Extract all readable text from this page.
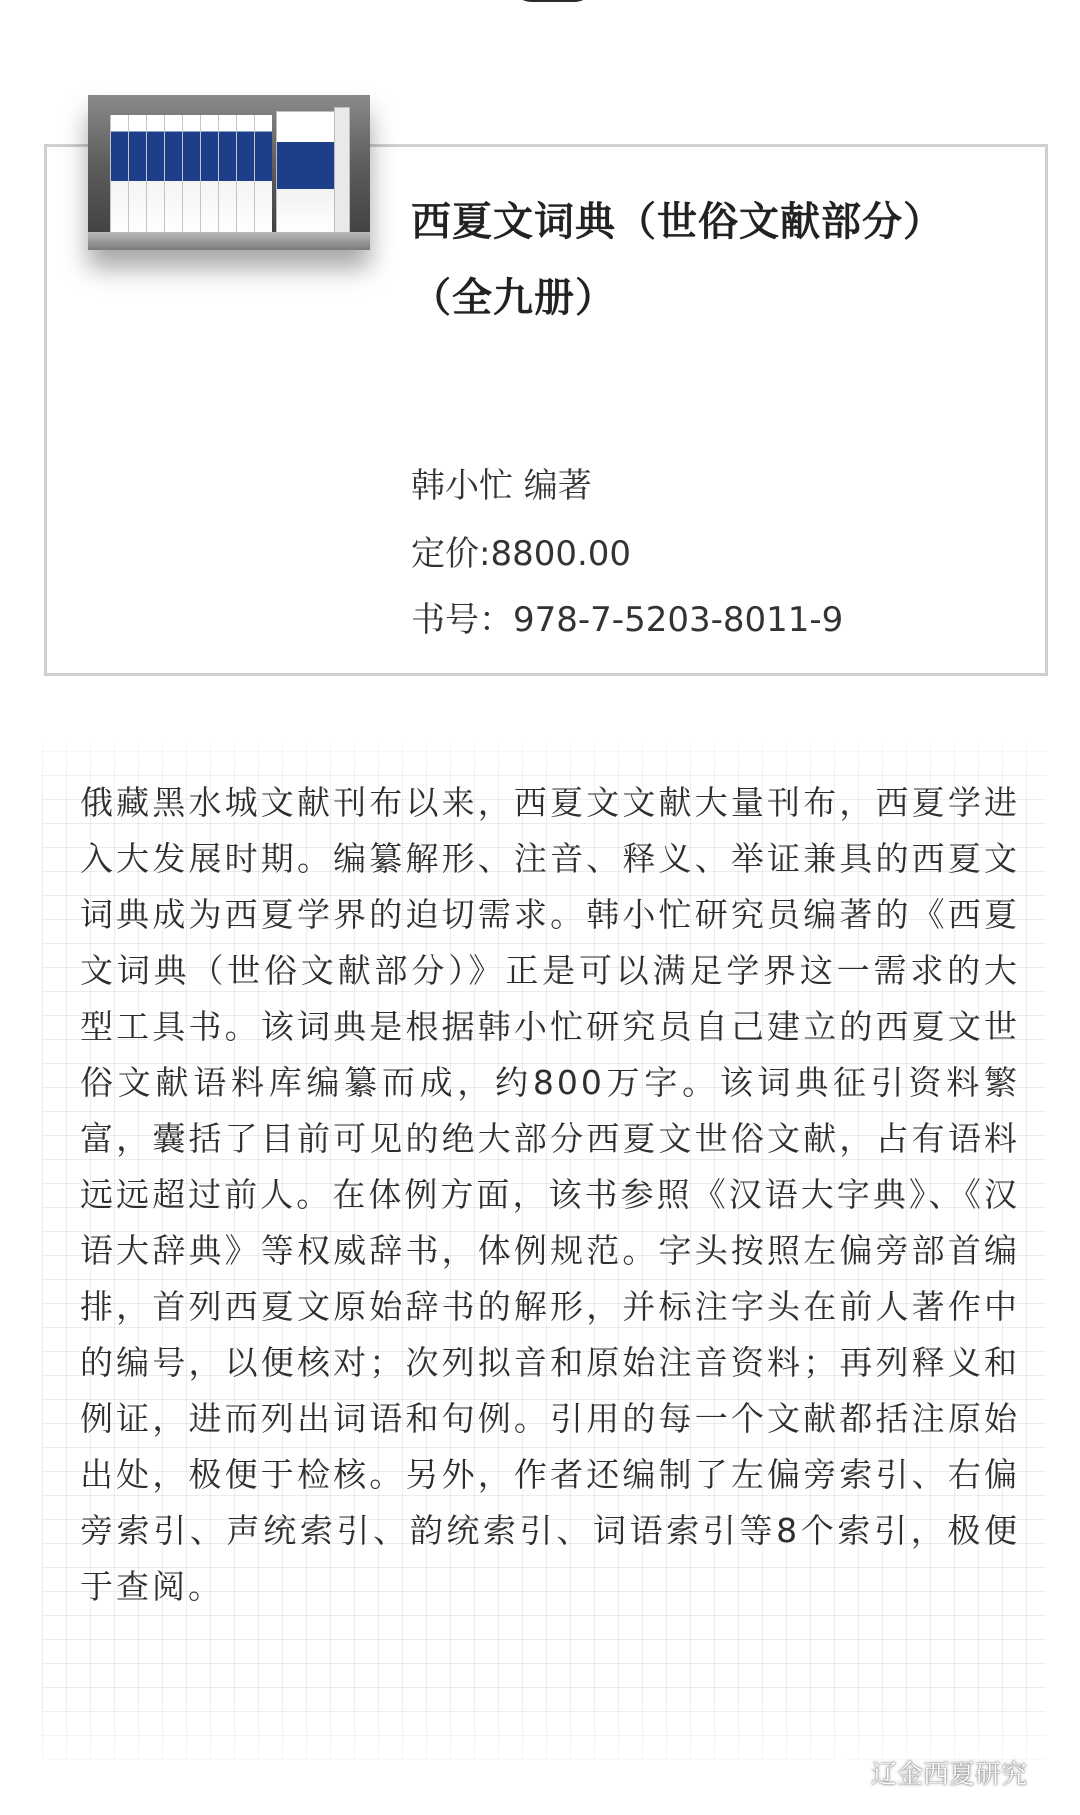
西夏文词典（世俗文献部分）（全九册）
韩小忙 编著
定价:8800.00
书号：978-7-5203-8011-9

俄藏黑水城文献刊布以来，西夏文文献大量刊布，西夏学进入大发展时期。编纂解形、注音、释义、举证兼具的西夏文词典成为西夏学界的迫切需求。韩小忙研究员编著的《西夏文词典（世俗文献部分）》正是可以满足学界这一需求的大型工具书。该词典是根据韩小忙研究员自己建立的西夏文世俗文献语料库编纂而成，约800万字。该词典征引资料繁富，囊括了目前可见的绝大部分西夏文世俗文献，占有语料远远超过前人。在体例方面，该书参照《汉语大字典》、《汉语大辞典》等权威辞书，体例规范。字头按照左偏旁部首编排，首列西夏文原始辞书的解形，并标注字头在前人著作中的编号，以便核对；次列拟音和原始注音资料；再列释义和例证，进而列出词语和句例。引用的每一个文献都括注原始出处，极便于检核。另外，作者还编制了左偏旁索引、右偏旁索引、声统索引、韵统索引、词语索引等8个索引，极便于查阅。

辽金西夏研究
